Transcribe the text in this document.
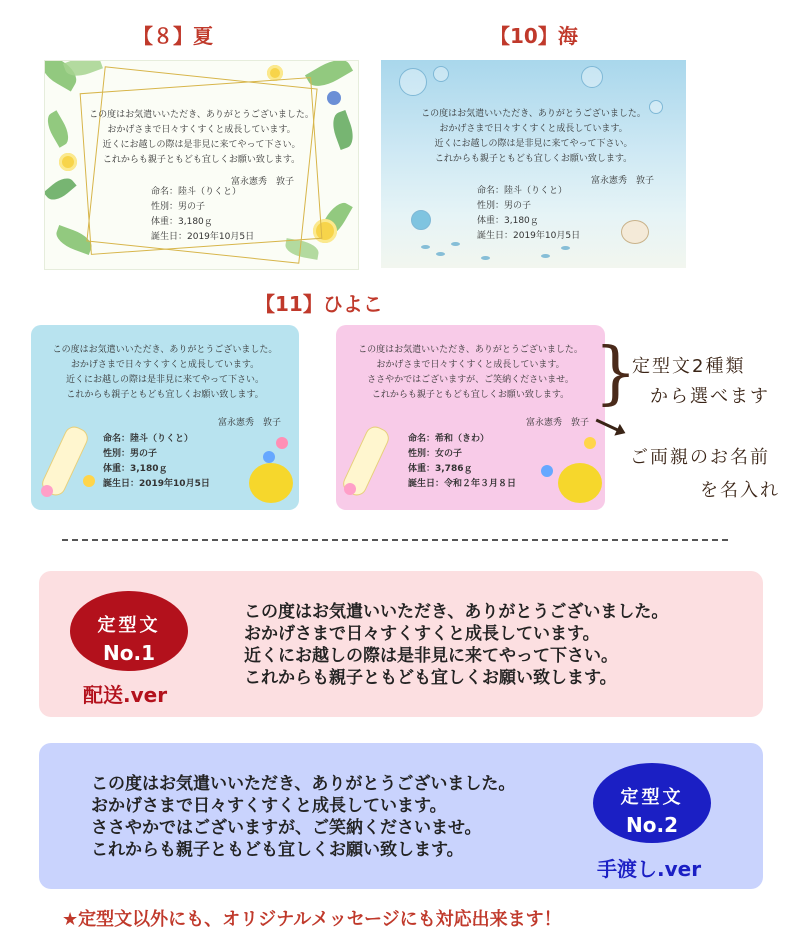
【８】夏	【10】海
【11】ひよこ
この度はお気遣いいただき、ありがとうございました。
おかげさまで日々すくすくと成長しています。
近くにお越しの際は是非見に来てやって下さい。
これからも親子ともども宜しくお願い致します。
富永憲秀　敦子
命名：陸斗（りくと）
性別：男の子
体重：3,180ｇ
誕生日：2019年10月5日
この度はお気遣いいただき、ありがとうございました。
おかげさまで日々すくすくと成長しています。
近くにお越しの際は是非見に来てやって下さい。
これからも親子ともども宜しくお願い致します。
富永憲秀　敦子
命名：陸斗（りくと）
性別：男の子
体重：3,180ｇ
誕生日：2019年10月5日
この度はお気遣いいただき、ありがとうございました。
おかげさまで日々すくすくと成長しています。
近くにお越しの際は是非見に来てやって下さい。
これからも親子ともども宜しくお願い致します。
富永憲秀　敦子
命名：陸斗（りくと）
性別：男の子
体重：3,180ｇ
誕生日：2019年10月5日
この度はお気遣いいただき、ありがとうございました。
おかげさまで日々すくすくと成長しています。
ささやかではございますが、ご笑納くださいませ。
これからも親子ともども宜しくお願い致します。
富永憲秀　敦子
命名：希和（きわ）
性別：女の子
体重：3,786ｇ
誕生日：令和２年３月８日
}
定型文2種類
から選べます
ご両親のお名前
を名入れ
定型文
No.1
配送.ver
この度はお気遣いいただき、ありがとうございました。
おかげさまで日々すくすくと成長しています。
近くにお越しの際は是非見に来てやって下さい。
これからも親子ともども宜しくお願い致します。
この度はお気遣いいただき、ありがとうございました。
おかげさまで日々すくすくと成長しています。
ささやかではございますが、ご笑納くださいませ。
これからも親子ともども宜しくお願い致します。
定型文
No.2
手渡し.ver
★定型文以外にも、オリジナルメッセージにも対応出来ます！
